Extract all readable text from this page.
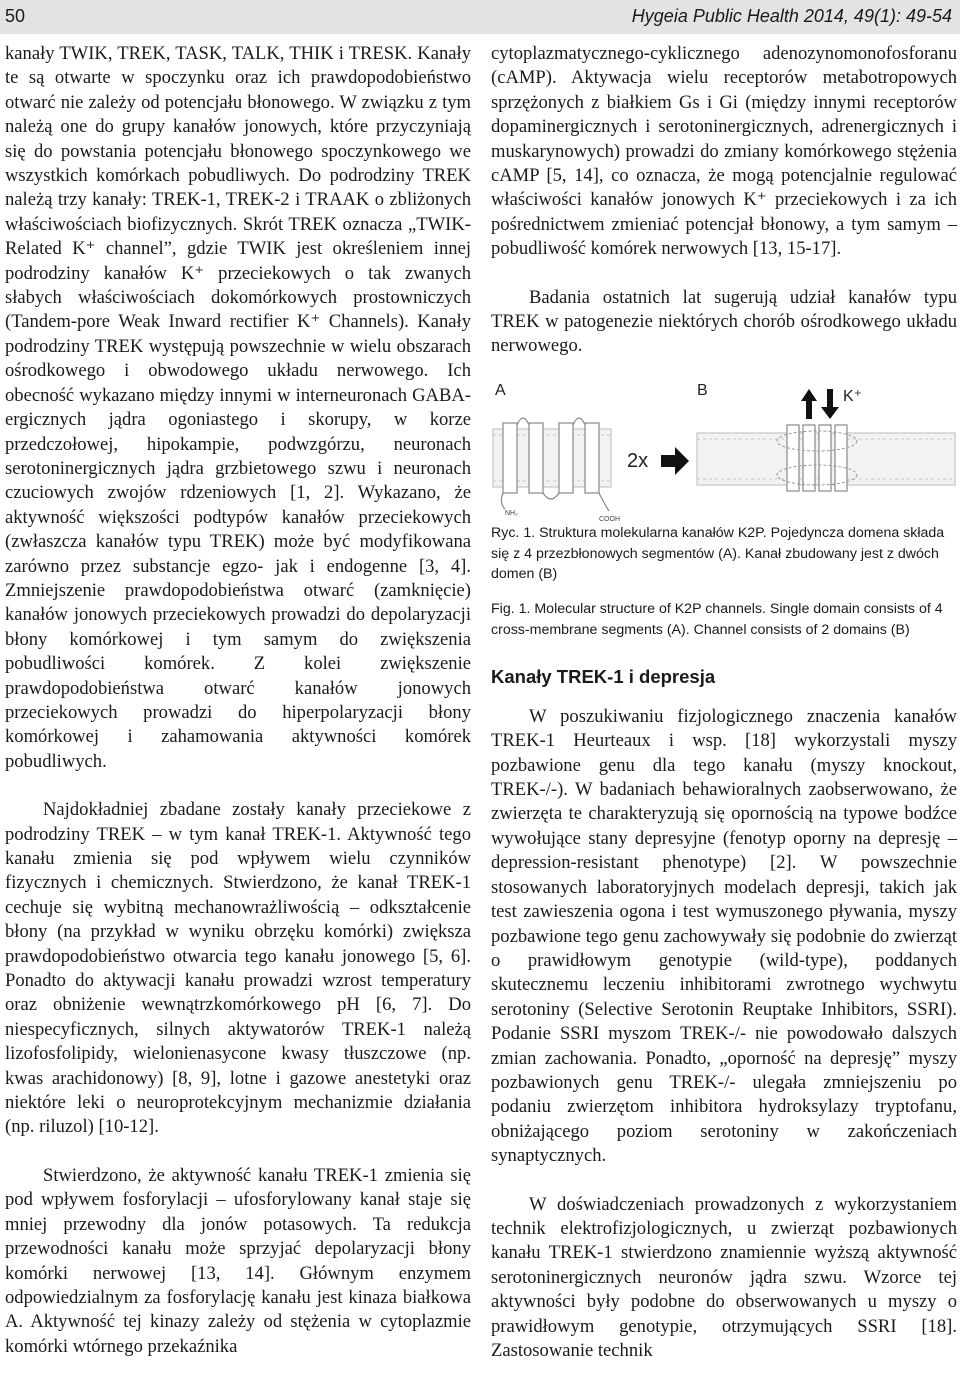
50	Hygeia Public Health 2014, 49(1): 49-54

kanały TWIK, TREK, TASK, TALK, THIK i TRESK. Kanały te są otwarte w spoczynku oraz ich prawdopodobieństwo otwarć nie zależy od potencjału błonowego. W związku z tym należą one do grupy kanałów jonowych, które przyczyniają się do powstania potencjału błonowego spoczynkowego we wszystkich komórkach pobudliwych. Do podrodziny TREK należą trzy kanały: TREK-1, TREK-2 i TRAAK o zbliżonych właściwościach biofizycznych. Skrót TREK oznacza „TWIK-Related K⁺ channel”, gdzie TWIK jest określeniem innej podrodziny kanałów K⁺ przeciekowych o tak zwanych słabych właściwościach dokomórkowych prostowniczych (Tandem-pore Weak Inward rectifier K⁺ Channels). Kanały podrodziny TREK występują powszechnie w wielu obszarach ośrodkowego i obwodowego układu nerwowego. Ich obecność wykazano między innymi w interneuronach GABA-ergicznych jądra ogoniastego i skorupy, w korze przedczołowej, hipokampie, podwzgórzu, neuronach serotoninergicznych jądra grzbietowego szwu i neuronach czuciowych zwojów rdzeniowych [1, 2]. Wykazano, że aktywność większości podtypów kanałów przeciekowych (zwłaszcza kanałów typu TREK) może być modyfikowana zarówno przez substancje egzo- jak i endogenne [3, 4]. Zmniejszenie prawdopodobieństwa otwarć (zamknięcie) kanałów jonowych przeciekowych prowadzi do depolaryzacji błony komórkowej i tym samym do zwiększenia pobudliwości komórek. Z kolei zwiększenie prawdopodobieństwa otwarć kanałów jonowych przeciekowych prowadzi do hiperpolaryzacji błony komórkowej i zahamowania aktywności komórek pobudliwych.

Najdokładniej zbadane zostały kanały przeciekowe z podrodziny TREK – w tym kanał TREK-1. Aktywność tego kanału zmienia się pod wpływem wielu czynników fizycznych i chemicznych. Stwierdzono, że kanał TREK-1 cechuje się wybitną mechanowrażliwością – odkształcenie błony (na przykład w wyniku obrzęku komórki) zwiększa prawdopodobieństwo otwarcia tego kanału jonowego [5, 6]. Ponadto do aktywacji kanału prowadzi wzrost temperatury oraz obniżenie wewnątrzkomórkowego pH [6, 7]. Do niespecyficznych, silnych aktywatorów TREK-1 należą lizofosfolipidy, wielonienasycone kwasy tłuszczowe (np. kwas arachidonowy) [8, 9], lotne i gazowe anestetyki oraz niektóre leki o neuroprotekcyjnym mechanizmie działania (np. riluzol) [10-12].

Stwierdzono, że aktywność kanału TREK-1 zmienia się pod wpływem fosforylacji – ufosforylowany kanał staje się mniej przewodny dla jonów potasowych. Ta redukcja przewodności kanału może sprzyjać depolaryzacji błony komórki nerwowej [13, 14]. Głównym enzymem odpowiedzialnym za fosforylację kanału jest kinaza białkowa A. Aktywność tej kinazy zależy od stężenia w cytoplazmie komórki wtórnego przekaźnika

cytoplazmatycznego-cyklicznego adenozynomonofosforanu (cAMP). Aktywacja wielu receptorów metabotropowych sprzężonych z białkiem Gs i Gi (między innymi receptorów dopaminergicznych i serotoninergicznych, adrenergicznych i muskarynowych) prowadzi do zmiany komórkowego stężenia cAMP [5, 14], co oznacza, że mogą potencjalnie regulować właściwości kanałów jonowych K⁺ przeciekowych i za ich pośrednictwem zmieniać potencjał błonowy, a tym samym – pobudliwość komórek nerwowych [13, 15-17].

Badania ostatnich lat sugerują udział kanałów typu TREK w patogenezie niektórych chorób ośrodkowego układu nerwowego.

A
NH₂
COOH
2x
B	K⁺

Ryc. 1. Struktura molekularna kanałów K2P. Pojedyncza domena składa się z 4 przezbłonowych segmentów (A). Kanał zbudowany jest z dwóch domen (B)

Fig. 1. Molecular structure of K2P channels. Single domain consists of 4 cross-membrane segments (A). Channel consists of 2 domains (B)

Kanały TREK-1 i depresja

W poszukiwaniu fizjologicznego znaczenia kanałów TREK-1 Heurteaux i wsp. [18] wykorzystali myszy pozbawione genu dla tego kanału (myszy knockout, TREK-/-). W badaniach behawioralnych zaobserwowano, że zwierzęta te charakteryzują się opornością na typowe bodźce wywołujące stany depresyjne (fenotyp oporny na depresję – depression-resistant phenotype) [2]. W powszechnie stosowanych laboratoryjnych modelach depresji, takich jak test zawieszenia ogona i test wymuszonego pływania, myszy pozbawione tego genu zachowywały się podobnie do zwierząt o prawidłowym genotypie (wild-type), poddanych skutecznemu leczeniu inhibitorami zwrotnego wychwytu serotoniny (Selective Serotonin Reuptake Inhibitors, SSRI). Podanie SSRI myszom TREK-/- nie powodowało dalszych zmian zachowania. Ponadto, „oporność na depresję” myszy pozbawionych genu TREK-/- ulegała zmniejszeniu po podaniu zwierzętom inhibitora hydroksylazy tryptofanu, obniżającego poziom serotoniny w zakończeniach synaptycznych.

W doświadczeniach prowadzonych z wykorzystaniem technik elektrofizjologicznych, u zwierząt pozbawionych kanału TREK-1 stwierdzono znamiennie wyższą aktywność serotoninergicznych neuronów jądra szwu. Wzorce tej aktywności były podobne do obserwowanych u myszy o prawidłowym genotypie, otrzymujących SSRI [18]. Zastosowanie technik
